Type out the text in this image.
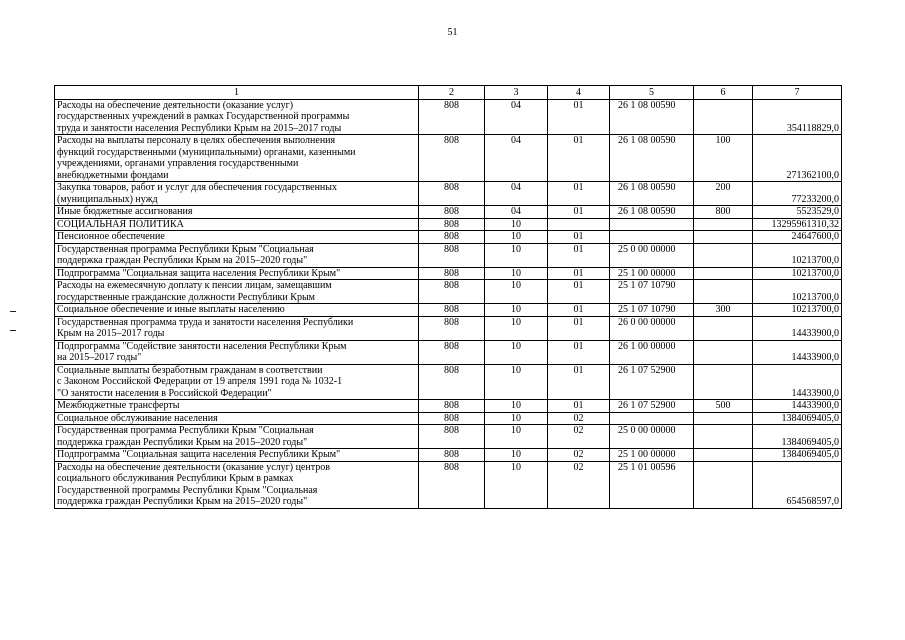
51
1	2	3	4	5	6	7
Расходы на обеспечение деятельности (оказание услуг)
государственных учреждений в рамках Государственной программы
труда и занятости населения Республики Крым на 2015–2017 годы	808	04	01	26 1 08 00590		354118829,0
Расходы на выплаты персоналу в целях обеспечения выполнения
функций государственными (муниципальными) органами, казенными
учреждениями, органами управления государственными
внебюджетными фондами	808	04	01	26 1 08 00590	100	271362100,0
Закупка товаров, работ и услуг для обеспечения государственных
(муниципальных) нужд	808	04	01	26 1 08 00590	200	77233200,0
Иные бюджетные ассигнования	808	04	01	26 1 08 00590	800	5523529,0
СОЦИАЛЬНАЯ ПОЛИТИКА	808	10				13295961310,32
Пенсионное обеспечение	808	10	01			24647600,0
Государственная программа Республики Крым "Социальная
поддержка граждан Республики Крым на 2015–2020 годы"	808	10	01	25 0 00 00000		10213700,0
Подпрограмма "Социальная защита населения Республики Крым"	808	10	01	25 1 00 00000		10213700,0
Расходы на ежемесячную доплату к пенсии лицам, замещавшим
государственные гражданские должности Республики Крым	808	10	01	25 1 07 10790		10213700,0
Социальное обеспечение и иные выплаты населению	808	10	01	25 1 07 10790	300	10213700,0
Государственная программа труда и занятости населения Республики
Крым на 2015–2017 годы	808	10	01	26 0 00 00000		14433900,0
Подпрограмма "Содействие занятости населения Республики Крым
на 2015–2017 годы"	808	10	01	26 1 00 00000		14433900,0
Социальные выплаты безработным гражданам в соответствии
с Законом Российской Федерации от 19 апреля 1991 года № 1032-1
"О занятости населения в Российской Федерации"	808	10	01	26 1 07 52900		14433900,0
Межбюджетные трансферты	808	10	01	26 1 07 52900	500	14433900,0
Социальное обслуживание населения	808	10	02			1384069405,0
Государственная программа Республики Крым "Социальная
поддержка граждан Республики Крым на 2015–2020 годы"	808	10	02	25 0 00 00000		1384069405,0
Подпрограмма "Социальная защита населения Республики Крым"	808	10	02	25 1 00 00000		1384069405,0
Расходы на обеспечение деятельности (оказание услуг) центров
социального обслуживания Республики Крым в рамках
Государственной программы Республики Крым "Социальная
поддержка граждан Республики Крым на 2015–2020 годы"	808	10	02	25 1 01 00596		654568597,0
